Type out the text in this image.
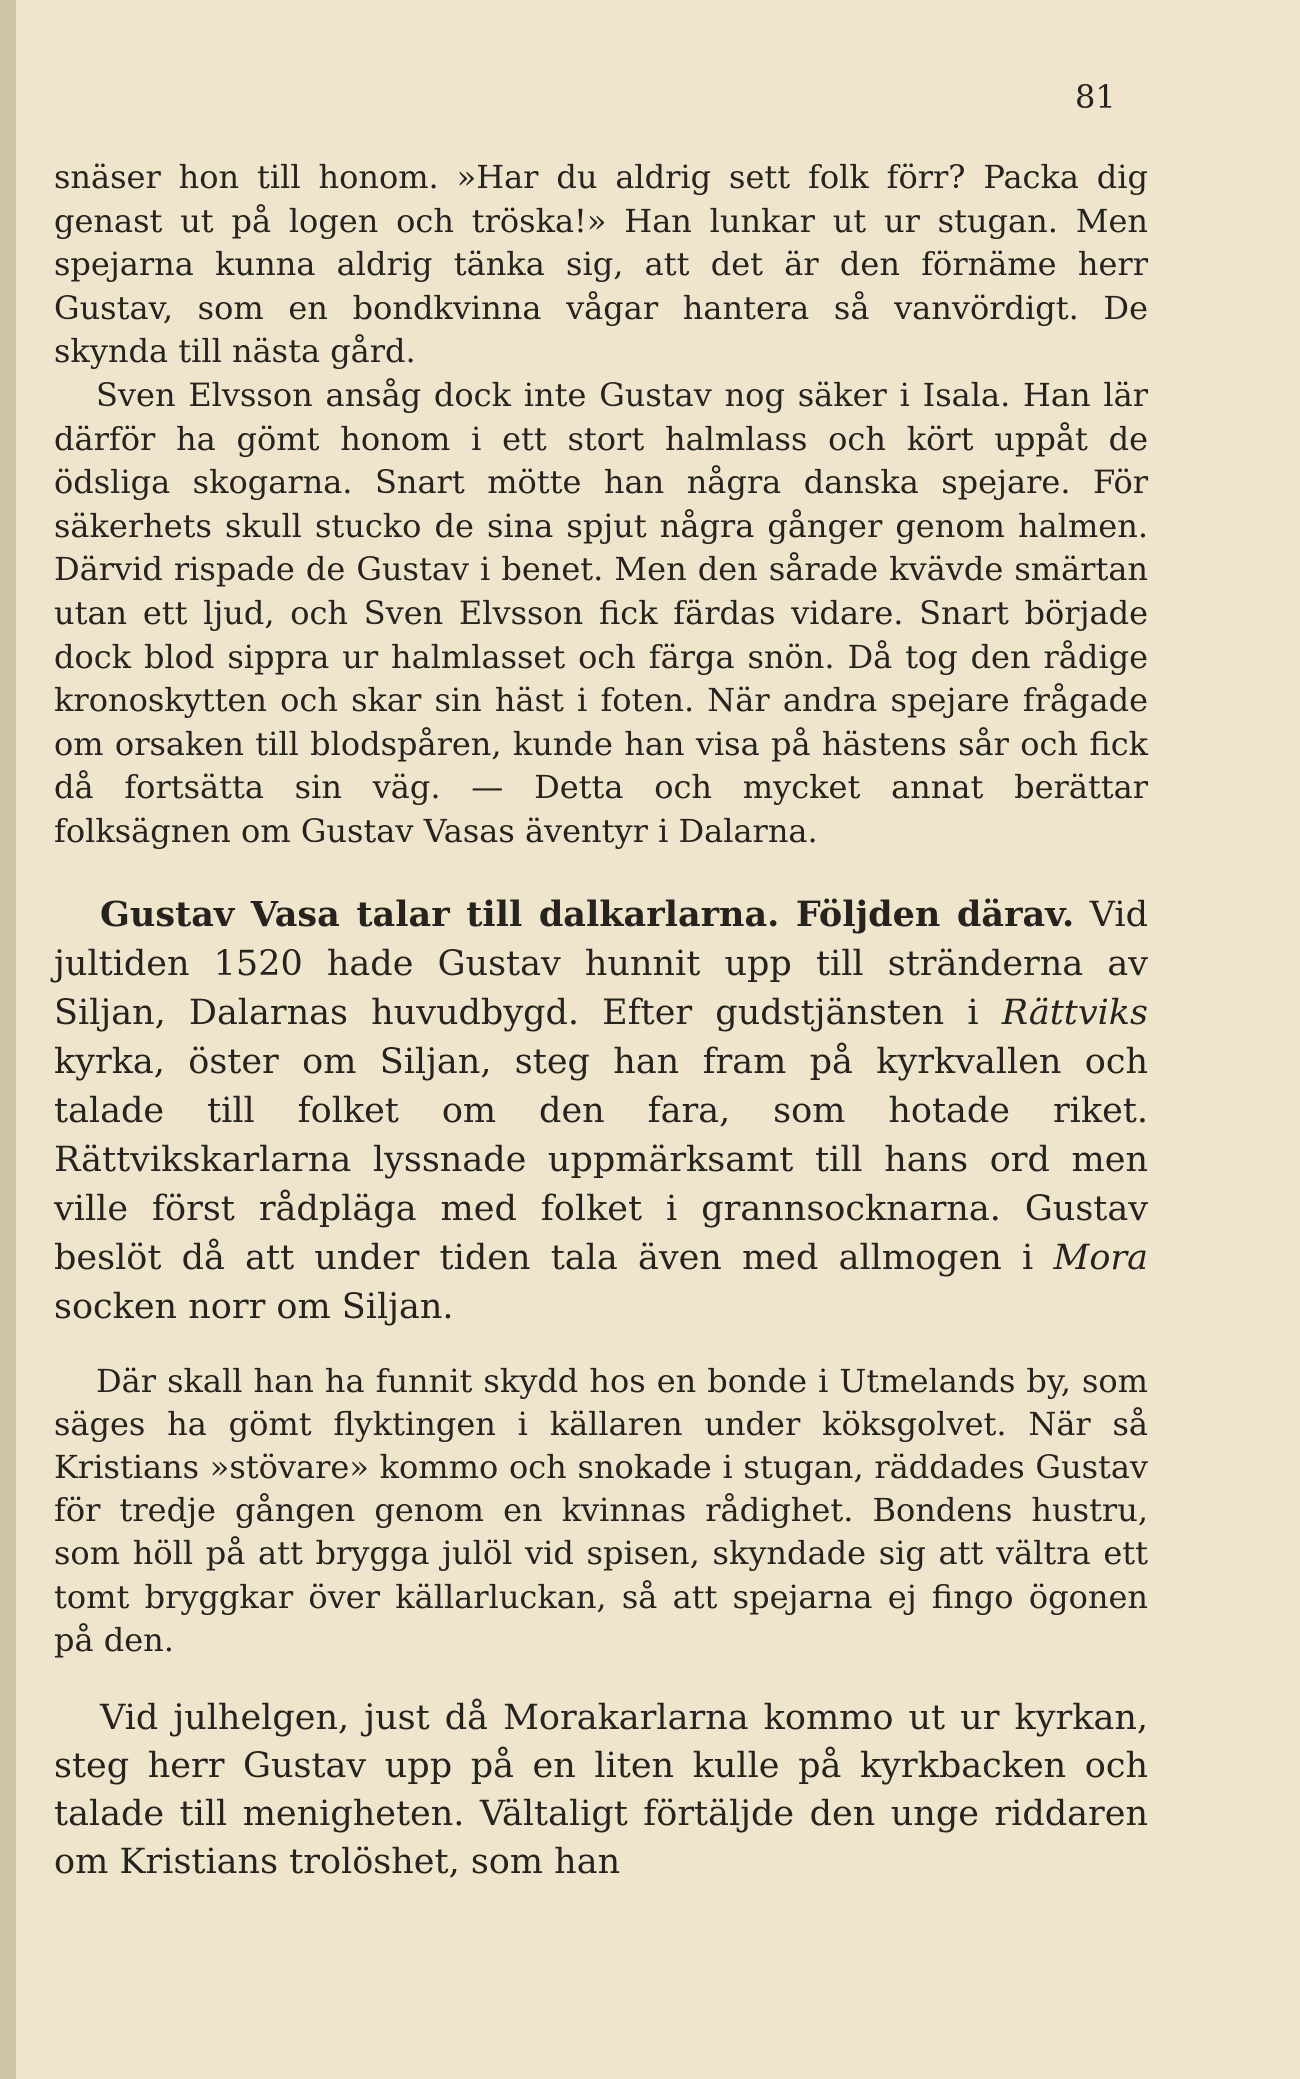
81

snäser hon till honom. »Har du aldrig sett folk förr? Packa dig genast ut på logen och tröska!» Han lunkar ut ur stugan. Men spejarna kunna aldrig tänka sig, att det är den förnäme herr Gustav, som en bondkvinna vågar hantera så vanvördigt. De skynda till nästa gård.

Sven Elvsson ansåg dock inte Gustav nog säker i Isala. Han lär därför ha gömt honom i ett stort halmlass och kört uppåt de ödsliga skogarna. Snart mötte han några danska spejare. För säkerhets skull stucko de sina spjut några gånger genom halmen. Därvid rispade de Gustav i benet. Men den sårade kvävde smärtan utan ett ljud, och Sven Elvsson fick färdas vidare. Snart började dock blod sippra ur halmlasset och färga snön. Då tog den rådige kronoskytten och skar sin häst i foten. När andra spejare frågade om orsaken till blodspåren, kunde han visa på hästens sår och fick då fortsätta sin väg. — Detta och mycket annat berättar folksägnen om Gustav Vasas äventyr i Dalarna.

Gustav Vasa talar till dalkarlarna. Följden därav. Vid jultiden 1520 hade Gustav hunnit upp till stränderna av Siljan, Dalarnas huvudbygd. Efter gudstjänsten i Rättviks kyrka, öster om Siljan, steg han fram på kyrkvallen och talade till folket om den fara, som hotade riket. Rättvikskarlarna lyssnade uppmärksamt till hans ord men ville först rådpläga med folket i grannsocknarna. Gustav beslöt då att under tiden tala även med allmogen i Mora socken norr om Siljan.

Där skall han ha funnit skydd hos en bonde i Utmelands by, som säges ha gömt flyktingen i källaren under köksgolvet. När så Kristians »stövare» kommo och snokade i stugan, räddades Gustav för tredje gången genom en kvinnas rådighet. Bondens hustru, som höll på att brygga julöl vid spisen, skyndade sig att vältra ett tomt bryggkar över källarluckan, så att spejarna ej fingo ögonen på den.

Vid julhelgen, just då Morakarlarna kommo ut ur kyrkan, steg herr Gustav upp på en liten kulle på kyrkbacken och talade till menigheten. Vältaligt förtäljde den unge riddaren om Kristians trolöshet, som han
